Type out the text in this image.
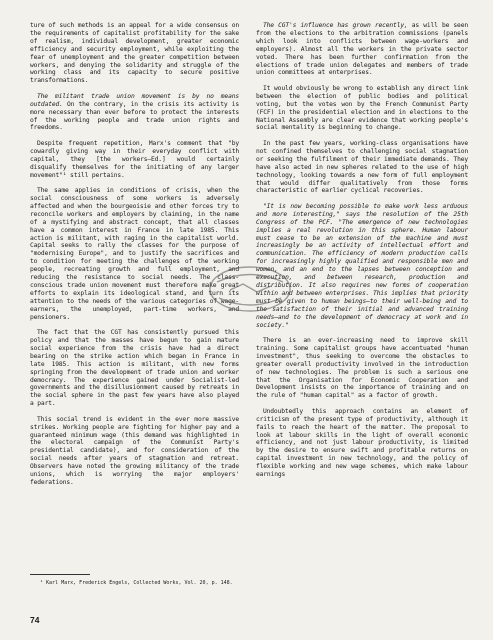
ture of such methods is an appeal for a wide consensus on the requirements of capitalist profitability for the sake of realism, individual development, greater economic efficiency and security employment, while exploiting the fear of unemployment and the greater competition between workers, and denying the solidarity and struggle of the working class and its capacity to secure positive transformations.

The militant trade union movement is by no means outdated. On the contrary, in the crisis its activity is more necessary than ever before to protect the interests of the working people and trade union rights and freedoms.

Despite frequent repetition, Marx's comment that "by cowardly giving way in their everyday conflict with capital, they [the workers—Ed.] would certainly disqualify themselves for the initiating of any larger movement"¹ still pertains.

The same applies in conditions of crisis, when the social consciousness of some workers is adversely affected and when the bourgeoisie and other forces try to reconcile workers and employers by claiming, in the name of a mystifying and abstract concept, that all classes have a common interest in France in late 1985. This action is militant, with raging in the capitalist world. Capital seeks to rally the classes for the purpose of "modernising Europe", and to justify the sacrifices and to condition for meeting the challenges of the working people, recreating growth and full employment, and reducing the resistance to social needs. The class-conscious trade union movement must therefore make great efforts to explain its ideological stand, and turn its attention to the needs of the various categories of wage-earners, the unemployed, part-time workers, and pensioners.

The fact that the CGT has consistently pursued this policy and that the masses have begun to gain mature social experience from the crisis have had a direct bearing on the strike action which began in France in late 1985. This action is militant, with new forms springing from the development of trade union and worker democracy. The experience gained under Socialist-led governments and the disillusionment caused by retreats in the social sphere in the past few years have also played a part.

This social trend is evident in the ever more massive strikes. Working people are fighting for higher pay and a guaranteed minimum wage (this demand was highlighted in the electoral campaign of the Communist Party's presidential candidate), and for consideration of the social needs after years of stagnation and retreat. Observers have noted the growing militancy of the trade unions, which is worrying the major employers' federations.

The CGT's influence has grown recently, as will be seen from the elections to the arbitration commissions (panels which look into conflicts between wage-workers and employers). Almost all the workers in the private sector voted. There has been further confirmation from the elections of trade union delegates and members of trade union committees at enterprises.

It would obviously be wrong to establish any direct link between the election of public bodies and political voting, but the votes won by the French Communist Party (FCF) in the presidential election and in elections to the National Assembly are clear evidence that working people's social mentality is beginning to change.

In the past few years, working-class organisations have not confined themselves to challenging social stagnation or seeking the fulfilment of their immediate demands. They have also acted in new spheres related to the use of high technology, looking towards a new form of full employment that would differ qualitatively from those forms characteristic of earlier cyclical recoveries.

"It is now becoming possible to make work less arduous and more interesting," says the resolution of the 25th Congress of the PCF. "The emergence of new technologies implies a real revolution in this sphere. Human labour must cease to be an extension of the machine and must increasingly be an activity of intellectual effort and communication. The efficiency of modern production calls for increasingly highly qualified and responsible men and women, and an end to the lapses between conception and execution, and between research, production and distribution. It also requires new forms of cooperation within and between enterprises. This implies that priority must be given to human beings—to their well-being and to the satisfaction of their initial and advanced training needs—and to the development of democracy at work and in society."

There is an ever-increasing need to improve skill training. Some capitalist groups have accentuated "human investment", thus seeking to overcome the obstacles to greater overall productivity involved in the introduction of new technologies. The problem is such a serious one that the Organisation for Economic Cooperation and Development insists on the importance of training and on the rule of "human capital" as a factor of growth.

Undoubtedly this approach contains an element of criticism of the present type of productivity, although it fails to reach the heart of the matter. The proposal to look at labour skills in the light of overall economic efficiency, and not just labour productivity, is limited by the desire to ensure swift and profitable returns on capital investment in new technology, and the policy of flexible working and new wage schemes, which make labour earnings

¹ Karl Marx, Frederick Engels, Collected Works, Vol. 20, p. 148.
74
